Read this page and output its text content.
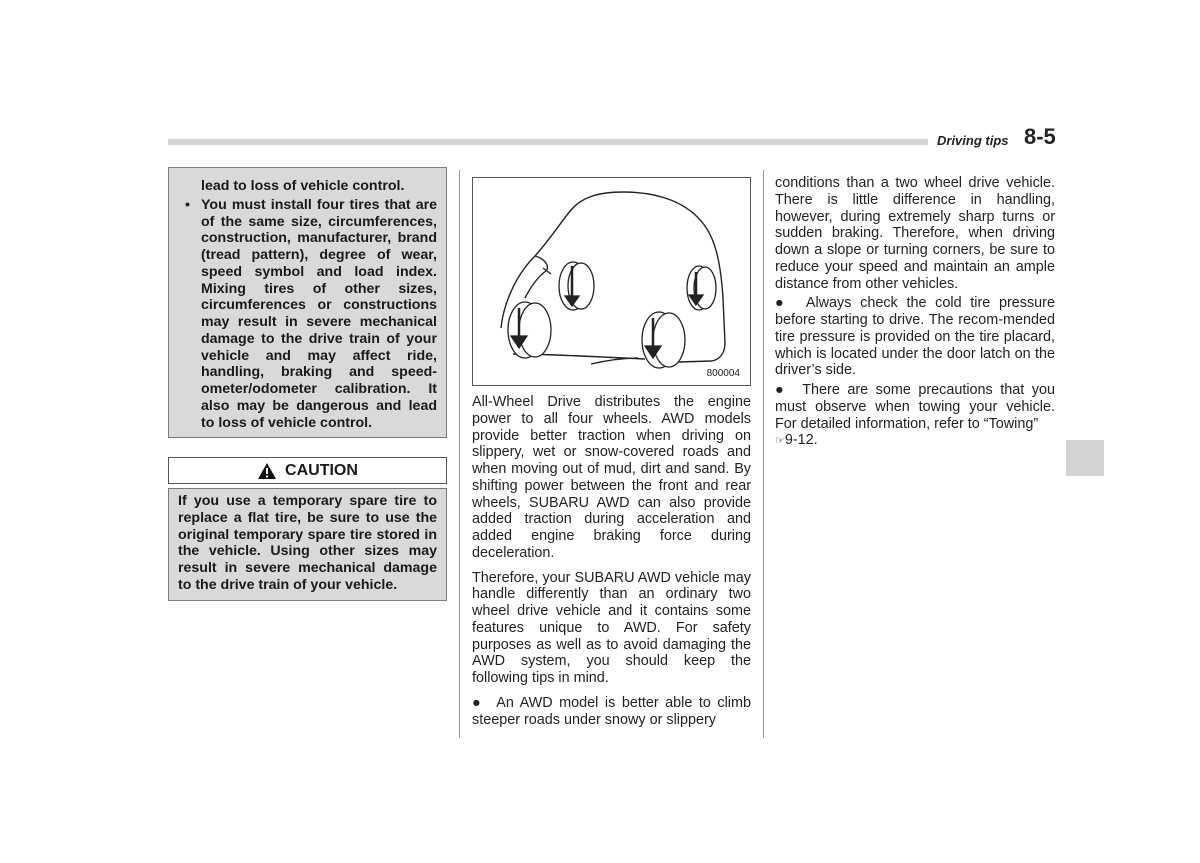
Driving tips 8-5
lead to loss of vehicle control.
• You must install four tires that are of the same size, circumferences, construction, manufacturer, brand (tread pattern), degree of wear, speed symbol and load index. Mixing tires of other sizes, circumferences or constructions may result in severe mechanical damage to the drive train of your vehicle and may affect ride, handling, braking and speed-ometer/odometer calibration. It also may be dangerous and lead to loss of vehicle control.
CAUTION
If you use a temporary spare tire to replace a flat tire, be sure to use the original temporary spare tire stored in the vehicle. Using other sizes may result in severe mechanical damage to the drive train of your vehicle.
800004

All-Wheel Drive distributes the engine power to all four wheels. AWD models provide better traction when driving on slippery, wet or snow-covered roads and when moving out of mud, dirt and sand. By shifting power between the front and rear wheels, SUBARU AWD can also provide added traction during acceleration and added engine braking force during deceleration.

Therefore, your SUBARU AWD vehicle may handle differently than an ordinary two wheel drive vehicle and it contains some features unique to AWD. For safety purposes as well as to avoid damaging the AWD system, you should keep the following tips in mind.

●  An AWD model is better able to climb steeper roads under snowy or slippery

conditions than a two wheel drive vehicle. There is little difference in handling, however, during extremely sharp turns or sudden braking. Therefore, when driving down a slope or turning corners, be sure to reduce your speed and maintain an ample distance from other vehicles.

●  Always check the cold tire pressure before starting to drive. The recom-mended tire pressure is provided on the tire placard, which is located under the door latch on the driver’s side.
●  There are some precautions that you must observe when towing your vehicle. For detailed information, refer to “Towing”
☞9-12.
